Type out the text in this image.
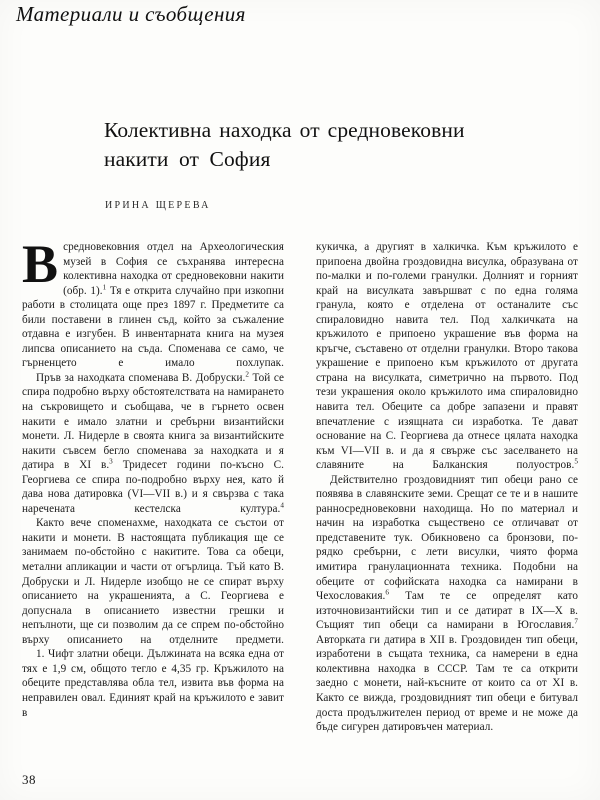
Материали и съобщения
Колективна находка от средновековни
накити от София
ИРИНА ЩЕРЕВА

Всредновековния отдел на Археологическия музей в София се съхранява интересна колективна находка от средновековни накити (обр. 1).$^1$ Тя е открита случайно при изкопни работи в столицата още през 1897 г. Предметите са били поставени в глинен съд, който за съжаление отдавна е изгубен. В инвентарната книга на музея липсва описанието на съда. Споменава се само, че гърненцето е имало похлупак.

Пръв за находката споменава В. Добруски.$^2$ Той се спира подробно върху обстоятелствата на намирането на съкровището и съобщава, че в гърнето освен накити е имало златни и сребърни византийски монети. Л. Нидерле в своята книга за византийските накити съвсем бегло споменава за находката и я датира в XI в.$^3$ Тридесет години по-късно С. Георгиева се спира по-подробно върху нея, като й дава нова датировка (VI—VII в.) и я свързва с така наречената кестелска култура.$^4$

Както вече споменахме, находката се състои от накити и монети. В настоящата публикация ще се занимаем по-обстойно с накитите. Това са обеци, метални апликации и части от огърлица. Тъй като В. Добруски и Л. Нидерле изобщо не се спират върху описанието на украшенията, а С. Георгиева е допуснала в описанието известни грешки и непълноти, ще си позволим да се спрем по-обстойно върху описанието на отделните предмети.

1. Чифт златни обеци. Дължината на всяка една от тях е 1,9 см, общото тегло е 4,35 гр. Кръжилото на обеците представлява обла тел, извита във форма на неправилен овал. Единият край на кръжилото е завит в

кукичка, а другият в халкичка. Към кръжилото е припоена двойна гроздовидна висулка, образувана от по-малки и по-големи гранулки. Долният и горният край на висулката завършват с по една голяма гранула, която е отделена от останалите със спираловидно навита тел. Под халкичката на кръжилото е припоено украшение във форма на кръгче, съставено от отделни гранулки. Второ такова украшение е припоено към кръжилото от другата страна на висулката, симетрично на първото. Под тези украшения около кръжилото има спираловидно навита тел. Обеците са добре запазени и правят впечатление с изящната си изработка. Те дават основание на С. Георгиева да отнесе цялата находка към VI—VII в. и да я свърже със заселването на славяните на Балканския полуостров.$^5$

Действително гроздовидният тип обеци рано се появява в славянските земи. Срещат се те и в нашите ранносредновековни находища. Но по материал и начин на изработка съществено се отличават от представените тук. Обикновено са бронзови, по-рядко сребърни, с лети висулки, чиято форма имитира гранулационната техника. Подобни на обеците от софийската находка са намирани в Чехословакия.$^6$ Там те се определят като източновизантийски тип и се датират в IX—X в. Същият тип обеци са намирани в Югославия.$^7$ Авторката ги датира в XII в. Гроздовиден тип обеци, изработени в същата техника, са намерени в една колективна находка в СССР. Там те са открити заедно с монети, най-късните от които са от XI в. Както се вижда, гроздовидният тип обеци е битувал доста продължителен период от време и не може да бъде сигурен датировъчен материал.

38
